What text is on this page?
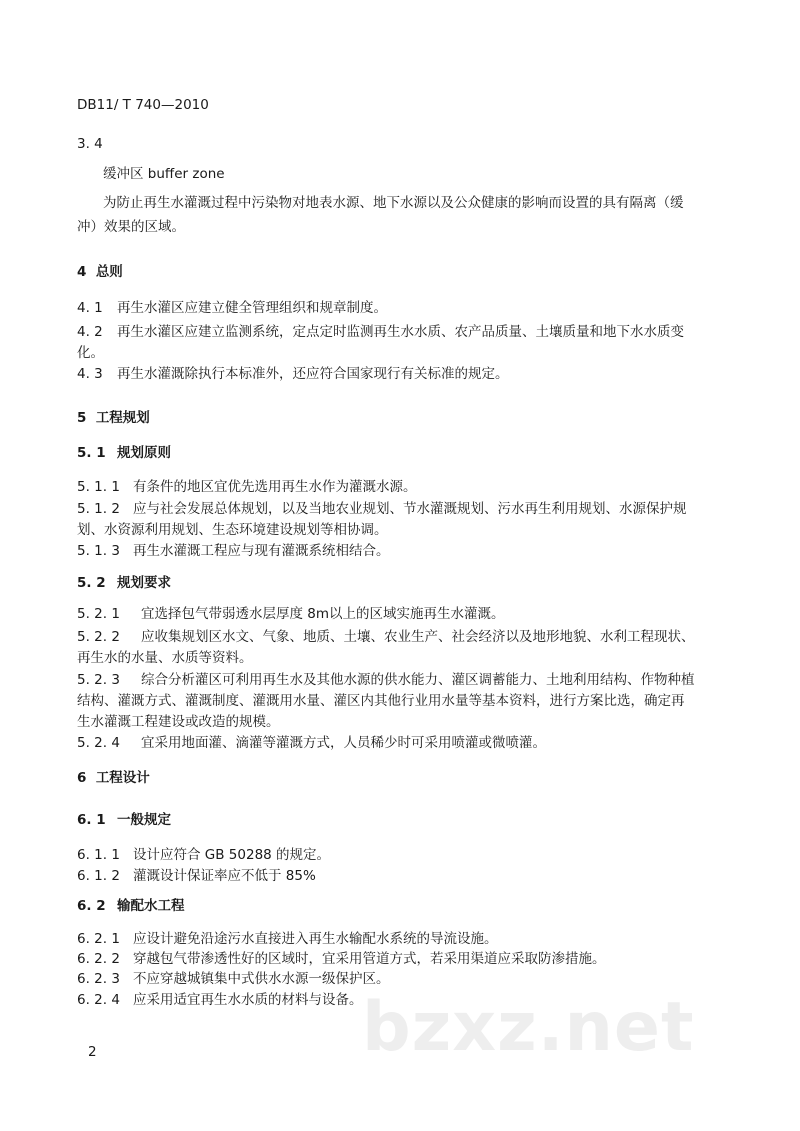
DB11/ T 740—2010
3. 4
缓冲区 buffer zone
为防止再生水灌溉过程中污染物对地表水源、地下水源以及公众健康的影响而设置的具有隔离（缓
冲）效果的区域。
4 总则
4. 1 再生水灌区应建立健全管理组织和规章制度。
4. 2 再生水灌区应建立监测系统，定点定时监测再生水水质、农产品质量、土壤质量和地下水水质变
化。
4. 3 再生水灌溉除执行本标准外，还应符合国家现行有关标准的规定。
5 工程规划
5. 1 规划原则
5. 1. 1 有条件的地区宜优先选用再生水作为灌溉水源。
5. 1. 2 应与社会发展总体规划，以及当地农业规划、节水灌溉规划、污水再生利用规划、水源保护规
划、水资源利用规划、生态环境建设规划等相协调。
5. 1. 3 再生水灌溉工程应与现有灌溉系统相结合。
5. 2 规划要求
5. 2. 1 宜选择包气带弱透水层厚度 8m以上的区域实施再生水灌溉。
5. 2. 2 应收集规划区水文、气象、地质、土壤、农业生产、社会经济以及地形地貌、水利工程现状、
再生水的水量、水质等资料。
5. 2. 3 综合分析灌区可利用再生水及其他水源的供水能力、灌区调蓄能力、土地利用结构、作物种植
结构、灌溉方式、灌溉制度、灌溉用水量、灌区内其他行业用水量等基本资料，进行方案比选，确定再
生水灌溉工程建设或改造的规模。
5. 2. 4 宜采用地面灌、滴灌等灌溉方式，人员稀少时可采用喷灌或微喷灌。
6 工程设计
6. 1 一般规定
6. 1. 1 设计应符合 GB 50288 的规定。
6. 1. 2 灌溉设计保证率应不低于 85%
6. 2 输配水工程
6. 2. 1 应设计避免沿途污水直接进入再生水输配水系统的导流设施。
6. 2. 2 穿越包气带渗透性好的区域时，宜采用管道方式，若采用渠道应采取防渗措施。
6. 2. 3 不应穿越城镇集中式供水水源一级保护区。
6. 2. 4 应采用适宜再生水水质的材料与设备。 bzxz.net
2
